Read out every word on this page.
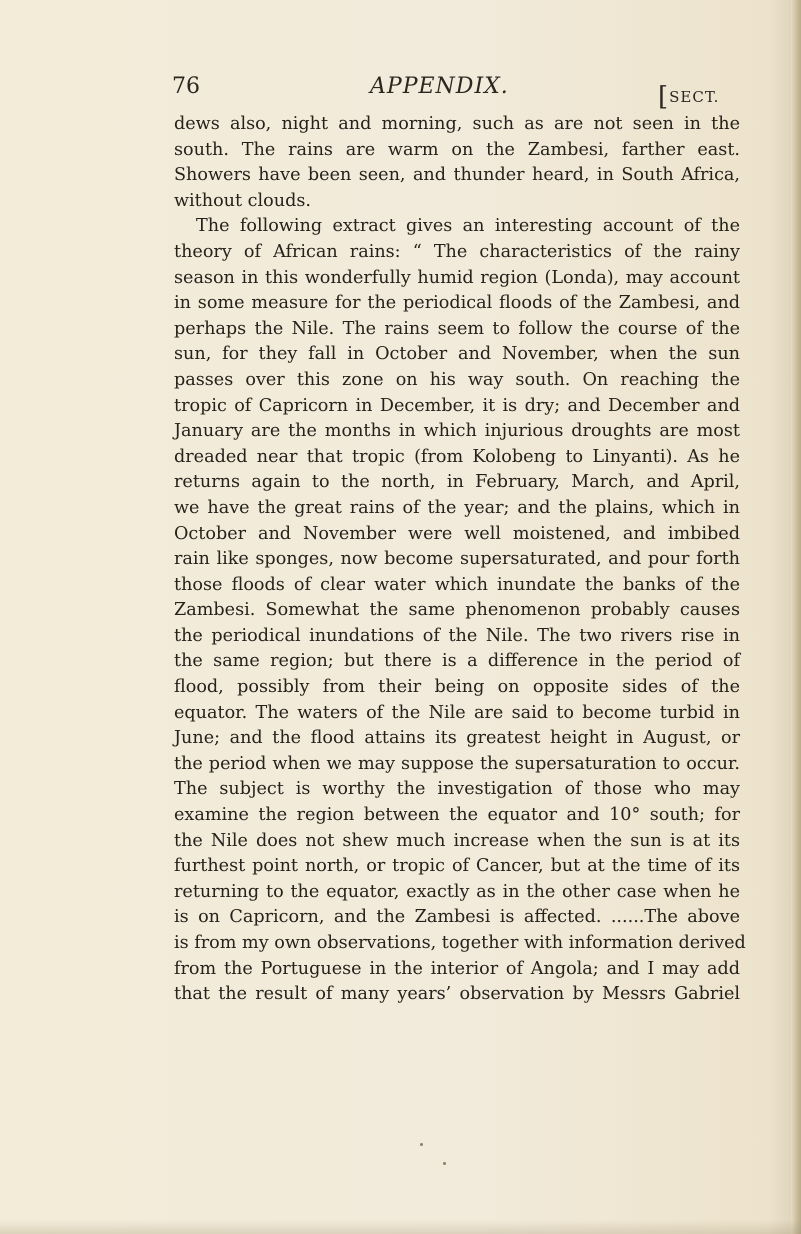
76	APPENDIX.	[SECT.
dews also, night and morning, such as are not seen in the
south. The rains are warm on the Zambesi, farther east.
Showers have been seen, and thunder heard, in South Africa,
without clouds.
The following extract gives an interesting account of the
theory of African rains: “ The characteristics of the rainy
season in this wonderfully humid region (Londa), may account
in some measure for the periodical floods of the Zambesi, and
perhaps the Nile. The rains seem to follow the course of the
sun, for they fall in October and November, when the sun
passes over this zone on his way south. On reaching the
tropic of Capricorn in December, it is dry; and December and
January are the months in which injurious droughts are most
dreaded near that tropic (from Kolobeng to Linyanti). As he
returns again to the north, in February, March, and April,
we have the great rains of the year; and the plains, which in
October and November were well moistened, and imbibed
rain like sponges, now become supersaturated, and pour forth
those floods of clear water which inundate the banks of the
Zambesi. Somewhat the same phenomenon probably causes
the periodical inundations of the Nile. The two rivers rise in
the same region; but there is a difference in the period of
flood, possibly from their being on opposite sides of the
equator. The waters of the Nile are said to become turbid in
June; and the flood attains its greatest height in August, or
the period when we may suppose the supersaturation to occur.
The subject is worthy the investigation of those who may
examine the region between the equator and 10° south; for
the Nile does not shew much increase when the sun is at its
furthest point north, or tropic of Cancer, but at the time of its
returning to the equator, exactly as in the other case when he
is on Capricorn, and the Zambesi is affected. ......The above
is from my own observations, together with information derived
from the Portuguese in the interior of Angola; and I may add
that the result of many years’ observation by Messrs Gabriel
